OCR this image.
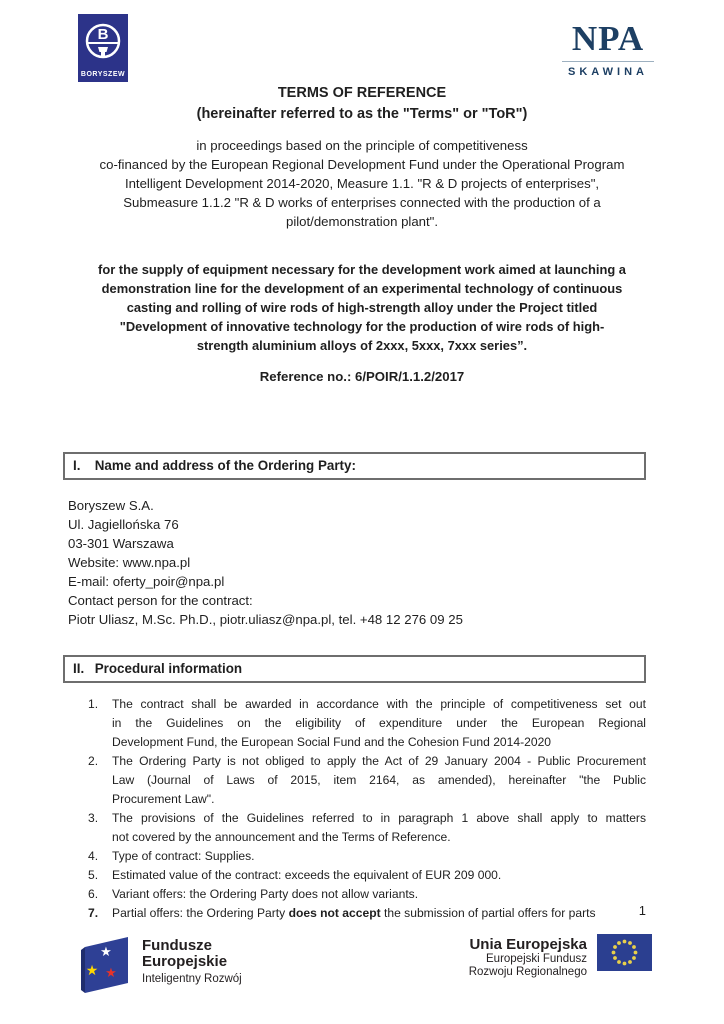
B
BORYSZEW
NPA
SKAWINA
TERMS OF REFERENCE
(hereinafter referred to as the "Terms" or "ToR")
in proceedings based on the principle of competitiveness
co-financed by the European Regional Development Fund under the Operational Program
Intelligent Development 2014-2020, Measure 1.1. "R & D projects of enterprises",
Submeasure 1.1.2 "R & D works of enterprises connected with the production of a
pilot/demonstration plant".
for the supply of equipment necessary for the development work aimed at launching a
demonstration line for the development of an experimental technology of continuous
casting and rolling of wire rods of high-strength alloy under the Project titled
"Development of innovative technology for the production of wire rods of high-
strength aluminium alloys of 2xxx, 5xxx, 7xxx series”.
Reference no.: 6/POIR/1.1.2/2017
I. Name and address of the Ordering Party:
Boryszew S.A.
Ul. Jagiellońska 76
03-301 Warszawa
Website: www.npa.pl
E-mail: oferty_poir@npa.pl
Contact person for the contract:
Piotr Uliasz, M.Sc. Ph.D., piotr.uliasz@npa.pl, tel. +48 12 276 09 25
II. Procedural information
1. The contract shall be awarded in accordance with the principle of competitiveness set out
in the Guidelines on the eligibility of expenditure under the European Regional
Development Fund, the European Social Fund and the Cohesion Fund 2014-2020
2. The Ordering Party is not obliged to apply the Act of 29 January 2004 - Public Procurement
Law (Journal of Laws of 2015, item 2164, as amended), hereinafter "the Public
Procurement Law".
3. The provisions of the Guidelines referred to in paragraph 1 above shall apply to matters
not covered by the announcement and the Terms of Reference.
4. Type of contract: Supplies.
5. Estimated value of the contract: exceeds the equivalent of EUR 209 000.
6. Variant offers: the Ordering Party does not allow variants.
7. Partial offers: the Ordering Party does not accept the submission of partial offers for parts	1
★
★ ★
Fundusze
Europejskie
Inteligentny Rozwój
Unia Europejska
Europejski Fundusz
Rozwoju Regionalnego
